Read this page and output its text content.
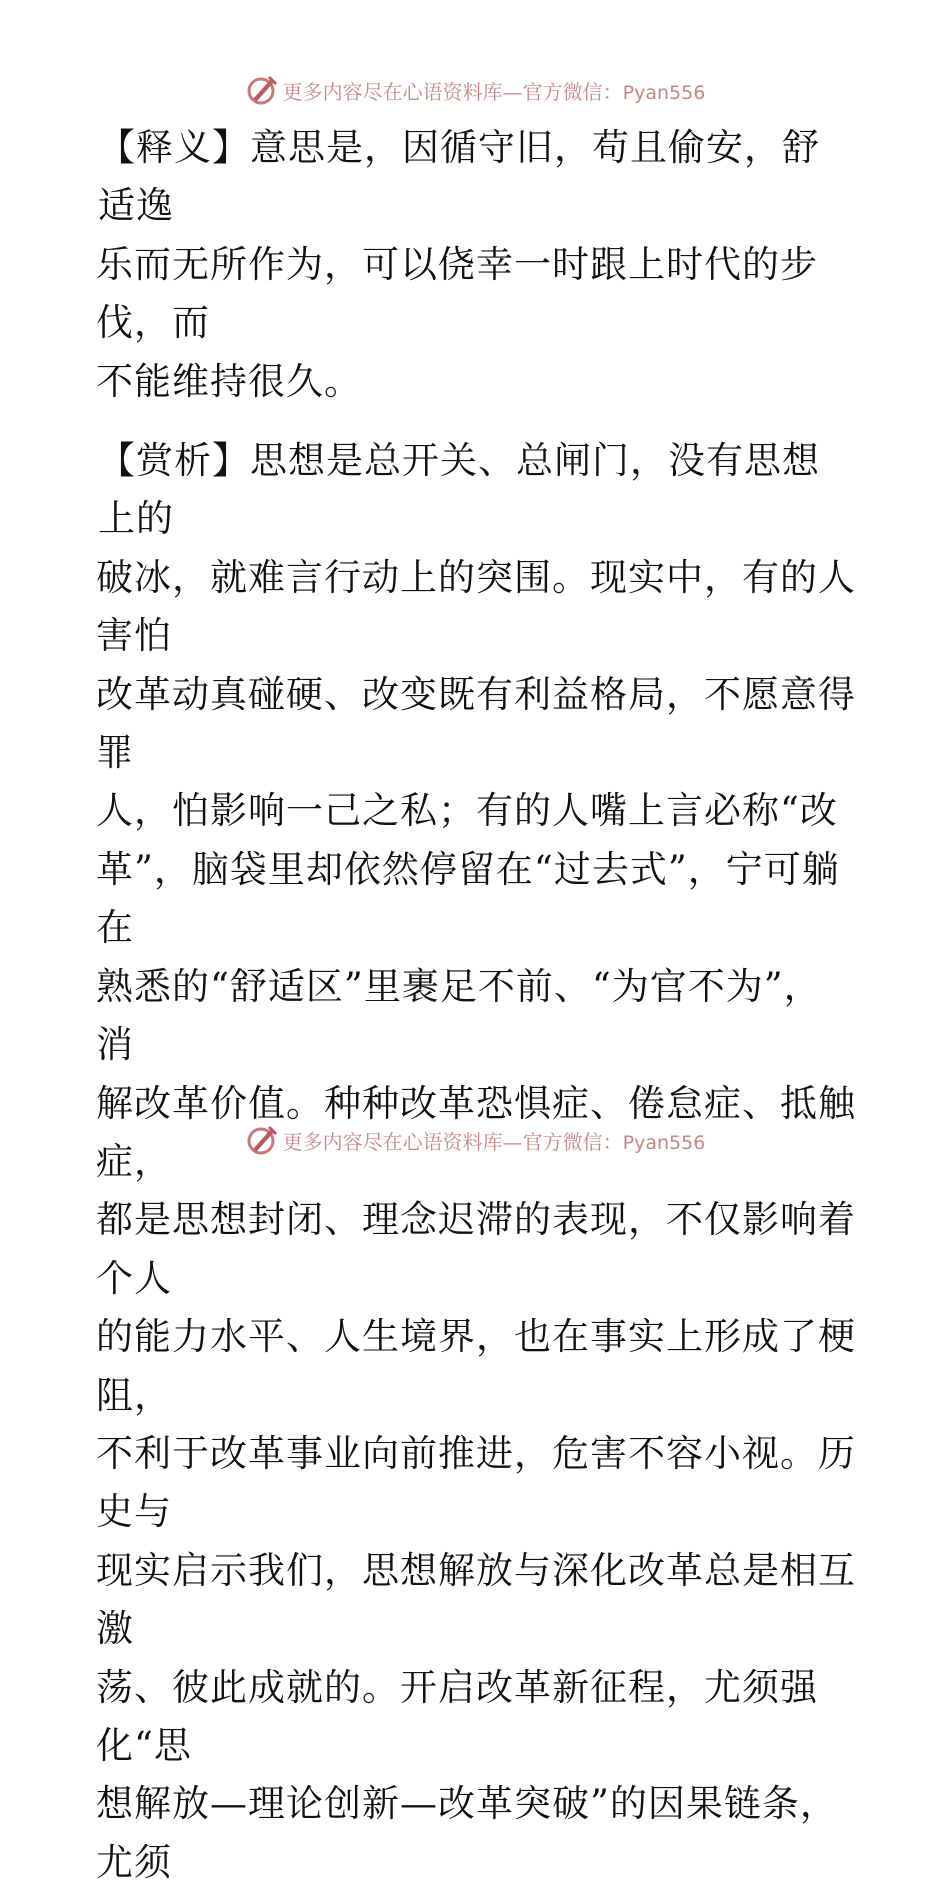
更多内容尽在心语资料库—官方微信：Pyan556

【释义】意思是，因循守旧，苟且偷安，舒适逸
乐而无所作为，可以侥幸一时跟上时代的步伐，而
不能维持很久。

【赏析】思想是总开关、总闸门，没有思想上的
破冰，就难言行动上的突围。现实中，有的人害怕
改革动真碰硬、改变既有利益格局，不愿意得罪
人，怕影响一己之私；有的人嘴上言必称“改
革”，脑袋里却依然停留在“过去式”，宁可躺在
熟悉的“舒适区”里裹足不前、“为官不为”，消
解改革价值。种种改革恐惧症、倦怠症、抵触症，
都是思想封闭、理念迟滞的表现，不仅影响着个人
的能力水平、人生境界，也在事实上形成了梗阻，
不利于改革事业向前推进，危害不容小视。历史与
现实启示我们，思想解放与深化改革总是相互激
荡、彼此成就的。开启改革新征程，尤须强化“思
想解放—理论创新—改革突破”的因果链条，尤须

更多内容尽在心语资料库—官方微信：Pyan556
